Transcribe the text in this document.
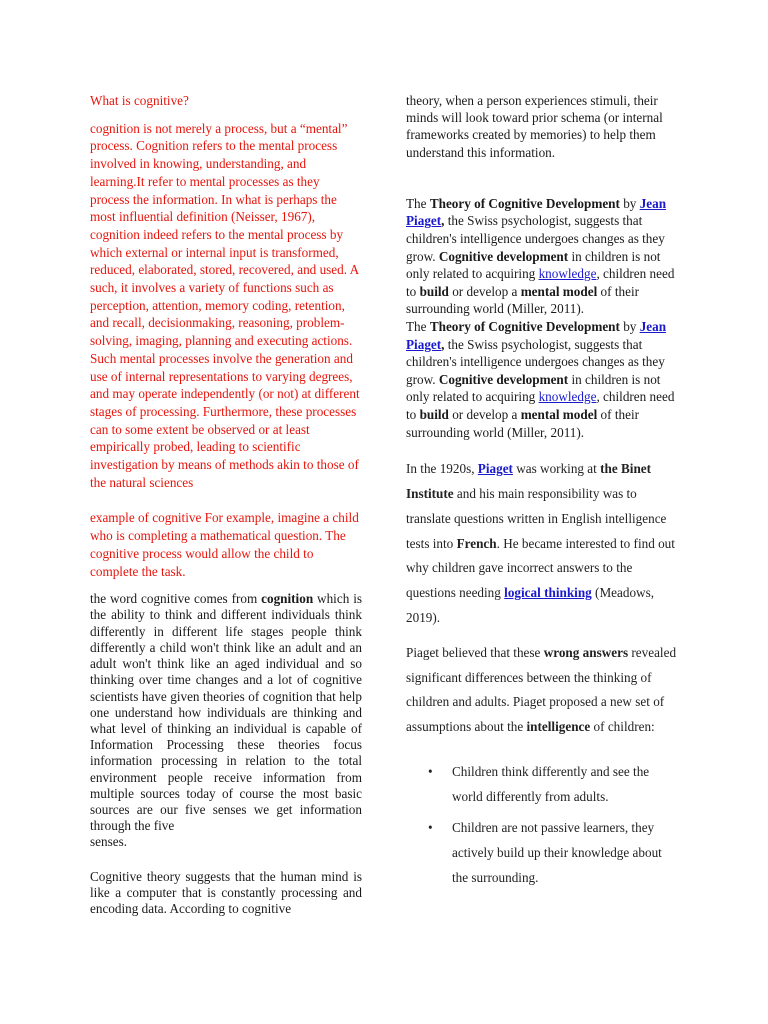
What is cognitive?

cognition is not merely a process, but a “mental” process. Cognition refers to the mental process involved in knowing, understanding, and learning.It refer to mental processes as they process the information. In what is perhaps the most influential definition (Neisser, 1967), cognition indeed refers to the mental process by which external or internal input is transformed, reduced, elaborated, stored, recovered, and used. A such, it involves a variety of functions such as perception, attention, memory coding, retention, and recall, decisionmaking, reasoning, problem-solving, imaging, planning and executing actions. Such mental processes involve the generation and use of internal representations to varying degrees, and may operate independently (or not) at different stages of processing. Furthermore, these processes can to some extent be observed or at least empirically probed, leading to scientific investigation by means of methods akin to those of the natural sciences

example of cognitive For example, imagine a child who is completing a mathematical question. The cognitive process would allow the child to complete the task.

the word cognitive comes from cognition which is the ability to think and different individuals think differently in different life stages people think differently a child won't think like an adult and an adult won't think like an aged individual and so thinking over time changes and a lot of cognitive scientists have given theories of cognition that help one understand how individuals are thinking and what level of thinking an individual is capable of Information Processing these theories focus information processing in relation to the total environment people receive information from multiple sources today of course the most basic sources are our five senses we get information through the five
senses.

Cognitive theory suggests that the human mind is like a computer that is constantly processing and encoding data. According to cognitive

theory, when a person experiences stimuli, their minds will look toward prior schema (or internal frameworks created by memories) to help them understand this information.

The Theory of Cognitive Development by Jean Piaget, the Swiss psychologist, suggests that children's intelligence undergoes changes as they grow. Cognitive development in children is not only related to acquiring knowledge, children need to build or develop a mental model of their surrounding world (Miller, 2011).

The Theory of Cognitive Development by Jean Piaget, the Swiss psychologist, suggests that children's intelligence undergoes changes as they grow. Cognitive development in children is not only related to acquiring knowledge, children need to build or develop a mental model of their surrounding world (Miller, 2011).

In the 1920s, Piaget was working at the Binet Institute and his main responsibility was to translate questions written in English intelligence tests into French. He became interested to find out why children gave incorrect answers to the questions needing logical thinking (Meadows, 2019).

Piaget believed that these wrong answers revealed significant differences between the thinking of children and adults. Piaget proposed a new set of assumptions about the intelligence of children:

• Children think differently and see the world differently from adults.
• Children are not passive learners, they actively build up their knowledge about the surrounding.
